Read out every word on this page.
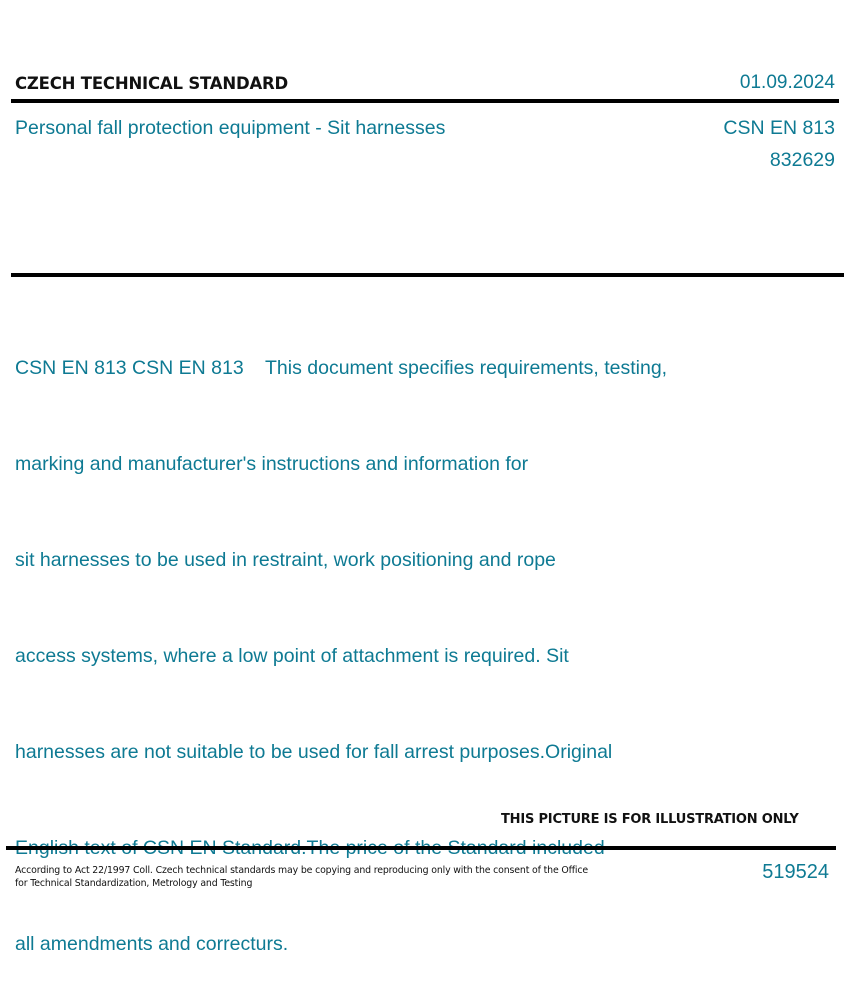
CZECH TECHNICAL STANDARD	01.09.2024
Personal fall protection equipment - Sit harnesses	CSN EN 813
832629

CSN EN 813 CSN EN 813    This document specifies requirements, testing,

marking and manufacturer's instructions and information for

sit harnesses to be used in restraint, work positioning and rope

access systems, where a low point of attachment is required. Sit

harnesses are not suitable to be used for fall arrest purposes.Original

all amendments and correcturs.

THIS PICTURE IS FOR ILLUSTRATION ONLY
According to Act 22/1997 Coll. Czech technical standards may be copying and reproducing only with the consent of the Office
for Technical Standardization, Metrology and Testing
519524
